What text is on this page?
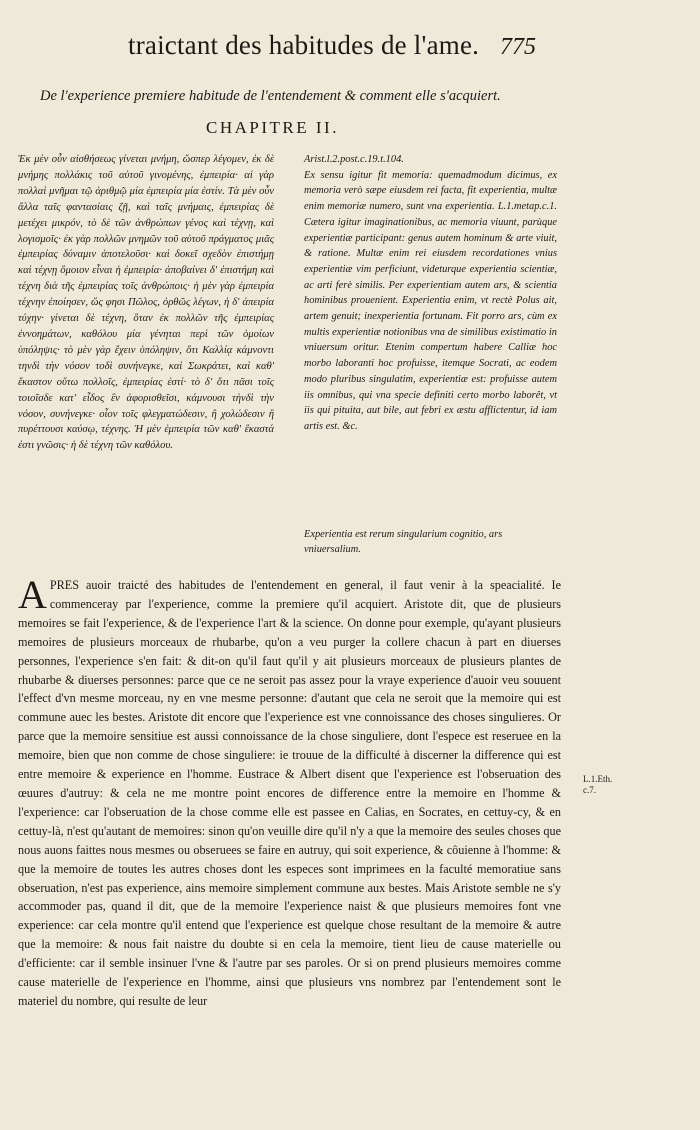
traictant des habitudes de l'ame. 775
De l'experience premiere habitude de l'entendement & comment elle s'acquiert.
CHAPITRE II.

Ἐκ μὲν οὖν αἰσθήσεως γίνεται μνήμη, ὥσπερ λέγομεν, ἐκ δὲ μνήμης πολλάκις τοῦ αὐτοῦ γινομένης, ἐμπειρία· αἱ γὰρ πολλαὶ μνῆμαι τῷ ἀριθμῷ μία ἐμπειρία μία ἐστίν. Τὰ μὲν οὖν ἄλλα ταῖς φαντασίαις ζῇ, καὶ ταῖς μνήμαις, ἐμπειρίας δὲ μετέχει μικρόν, τὸ δὲ τῶν ἀνθρώπων γένος καὶ τέχνῃ, καὶ λογισμοῖς· ἐκ γὰρ πολλῶν μνημῶν τοῦ αὐτοῦ πράγματος μιᾶς ἐμπειρίας δύναμιν ἀποτελοῦσι· καὶ δοκεῖ σχεδὸν ἐπιστήμῃ καὶ τέχνῃ ὅμοιον εἶναι ἡ ἐμπειρία· ἀποβαίνει δ' ἐπιστήμη καὶ τέχνη διὰ τῆς ἐμπειρίας τοῖς ἀνθρώποις· ἡ μὲν γὰρ ἐμπειρία τέχνην ἐποίησεν, ὥς φησι Πῶλος, ὀρθῶς λέγων, ἡ δ' ἀπειρία τύχην· γίνεται δὲ τέχνη, ὅταν ἐκ πολλῶν τῆς ἐμπειρίας ἐννοημάτων, καθόλου μία γένηται περὶ τῶν ὁμοίων ὑπόληψις· τὸ μὲν γὰρ ἔχειν ὑπόληψιν, ὅτι Καλλίᾳ κάμνοντι τηνδὶ τὴν νόσον τοδὶ συνήνεγκε, καὶ Σωκράτει, καὶ καθ' ἕκαστον οὕτω πολλοῖς, ἐμπειρίας ἐστί· τὸ δ' ὅτι πᾶσι τοῖς τοιοῖσδε κατ' εἶδος ἓν ἀφορισθεῖσι, κάμνουσι τὴνδὶ τὴν νόσον, συνήνεγκε· οἷον τοῖς φλεγματώδεσιν, ἢ χολώδεσιν ἢ πυρέττουσι καύσῳ, τέχνης. Ἡ μὲν ἐμπειρία τῶν καθ' ἕκαστά ἐστι γνῶσις· ἡ δὲ τέχνη τῶν καθόλου.

Arist.l.2.post.c.19.t.104.

Ex sensu igitur fit memoria: quemadmodum dicimus, ex memoria verò sæpe eiusdem rei facta, fit experientia, multæ enim memoriæ numero, sunt vna experientia. L.1.metap.c.1. Cætera igitur imaginationibus, ac memoria viuunt, parùque experientiæ participant: genus autem hominum & arte viuit, & ratione. Multæ enim rei eiusdem recordationes vnius experientiæ vim perficiunt, videturque experientia scientiæ, ac arti ferè similis. Per experientiam autem ars, & scientia hominibus prouenient. Experientia enim, vt rectè Polus ait, artem genuit; inexperientia fortunam. Fit porro ars, cùm ex multis experientiæ notionibus vna de similibus existimatio in vniuersum oritur. Etenim compertum habere Calliæ hoc morbo laboranti hoc profuisse, itemque Socrati, ac eodem modo pluribus singulatim, experientiæ est: profuisse autem iis omnibus, qui vna specie definiti certo morbo laborêt, vt iis qui pituita, aut bile, aut febri ex æstu afflictentur, id iam artis est. &c.

Experientia est rerum singularium cognitio, ars vniuersalium.

APRES auoir traicté des habitudes de l'entendement en general, il faut venir à la speacialité. Ie commenceray par l'experience, comme la premiere qu'il acquiert. Aristote dit, que de plusieurs memoires se fait l'experience, & de l'experience l'art & la science. On donne pour exemple, qu'ayant plusieurs memoires de plusieurs morceaux de rhubarbe, qu'on a veu purger la collere chacun à part en diuerses personnes, l'experience s'en fait: & dit-on qu'il faut qu'il y ait plusieurs morceaux de plusieurs plantes de rhubarbe & diuerses personnes: parce que ce ne seroit pas assez pour la vraye experience d'auoir veu souuent l'effect d'vn mesme morceau, ny en vne mesme personne: d'autant que cela ne seroit que la memoire qui est commune auec les bestes. Aristote dit encore que l'experience est vne connoissance des choses singulieres. Or parce que la memoire sensitiue est aussi connoissance de la chose singuliere, dont l'espece est reseruee en la memoire, bien que non comme de chose singuliere: ie trouue de la difficulté à discerner la difference qui est entre memoire & experience en l'homme. Eustrace & Albert disent que l'experience est l'obseruation des œuures d'autruy: & cela ne me montre point encores de difference entre la memoire en l'homme & l'experience: car l'obseruation de la chose comme elle est passee en Calias, en Socrates, en cettuy-cy, & en cettuy-là, n'est qu'autant de memoires: sinon qu'on veuille dire qu'il n'y a que la memoire des seules choses que nous auons faittes nous mesmes ou obseruees se faire en autruy, qui soit experience, & côuienne à l'homme: & que la memoire de toutes les autres choses dont les especes sont imprimees en la faculté memoratiue sans obseruation, n'est pas experience, ains memoire simplement commune aux bestes. Mais Aristote semble ne s'y accommoder pas, quand il dit, que de la memoire l'experience naist & que plusieurs memoires font vne experience: car cela montre qu'il entend que l'experience est quelque chose resultant de la memoire & autre que la memoire: & nous fait naistre du doubte si en cela la memoire, tient lieu de cause materielle ou d'efficiente: car il semble insinuer l'vne & l'autre par ses paroles. Or si on prend plusieurs memoires comme cause materielle de l'experience en l'homme, ainsi que plusieurs vns nombrez par l'entendement sont le materiel du nombre, qui resulte de leur

L.1.Eth. c.7.
